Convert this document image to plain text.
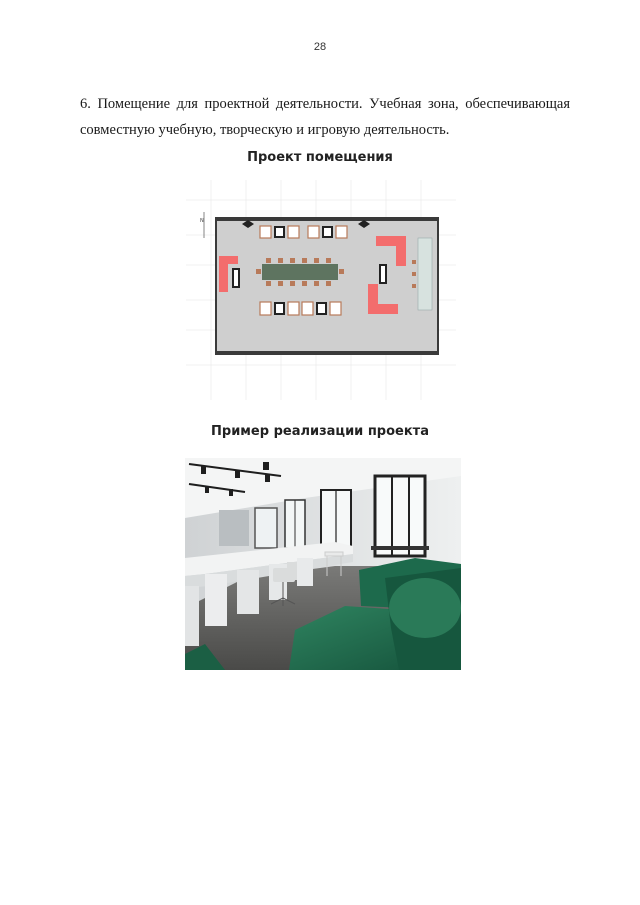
28
6. Помещение для проектной деятельности. Учебная зона, обеспечивающая совместную учебную, творческую и игровую деятельность.
Проект помещения
N
Пример реализации проекта
